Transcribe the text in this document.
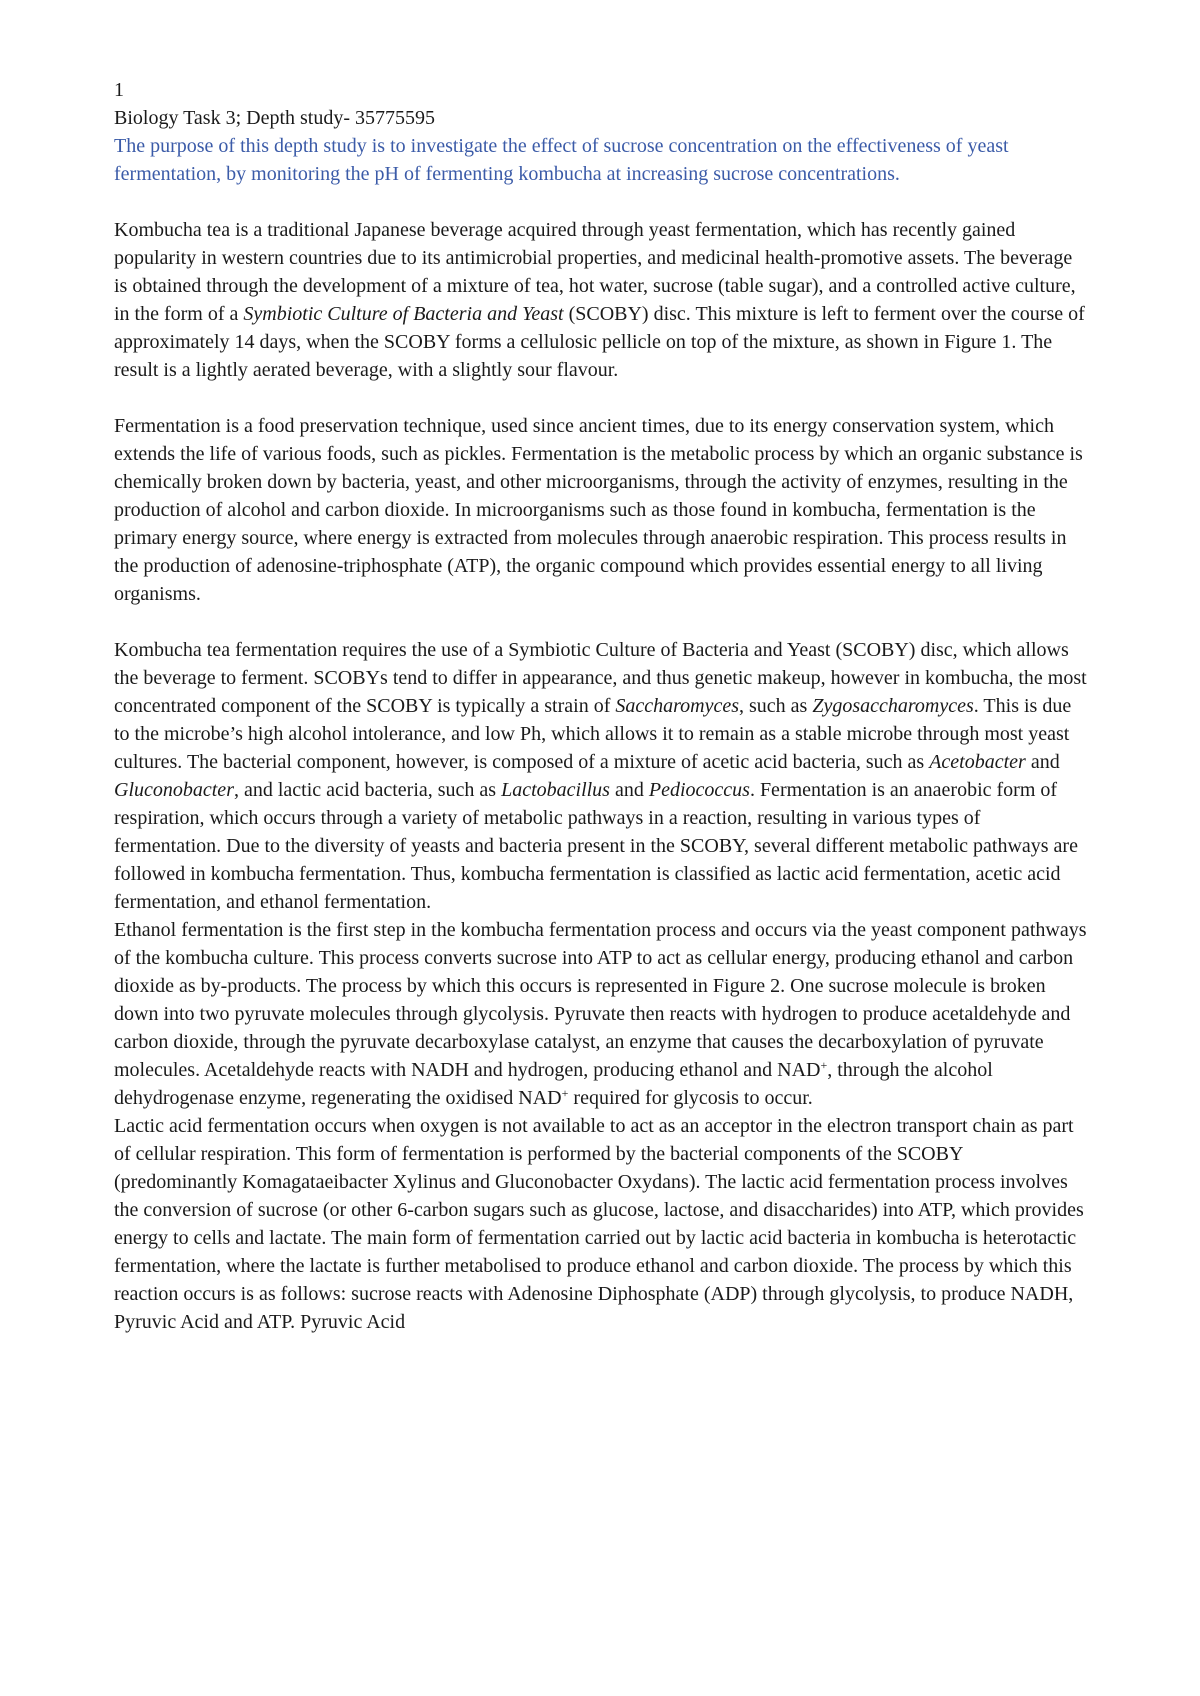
1

Biology Task 3; Depth study- 35775595

The purpose of this depth study is to investigate the effect of sucrose concentration on the effectiveness of yeast fermentation, by monitoring the pH of fermenting kombucha at increasing sucrose concentrations.

Kombucha tea is a traditional Japanese beverage acquired through yeast fermentation, which has recently gained popularity in western countries due to its antimicrobial properties, and medicinal health-promotive assets. The beverage is obtained through the development of a mixture of tea, hot water, sucrose (table sugar), and a controlled active culture, in the form of a Symbiotic Culture of Bacteria and Yeast (SCOBY) disc. This mixture is left to ferment over the course of approximately 14 days, when the SCOBY forms a cellulosic pellicle on top of the mixture, as shown in Figure 1. The result is a lightly aerated beverage, with a slightly sour flavour.

Fermentation is a food preservation technique, used since ancient times, due to its energy conservation system, which extends the life of various foods, such as pickles. Fermentation is the metabolic process by which an organic substance is chemically broken down by bacteria, yeast, and other microorganisms, through the activity of enzymes, resulting in the production of alcohol and carbon dioxide. In microorganisms such as those found in kombucha, fermentation is the primary energy source, where energy is extracted from molecules through anaerobic respiration. This process results in the production of adenosine-triphosphate (ATP), the organic compound which provides essential energy to all living organisms.

Kombucha tea fermentation requires the use of a Symbiotic Culture of Bacteria and Yeast (SCOBY) disc, which allows the beverage to ferment. SCOBYs tend to differ in appearance, and thus genetic makeup, however in kombucha, the most concentrated component of the SCOBY is typically a strain of Saccharomyces, such as Zygosaccharomyces. This is due to the microbe’s high alcohol intolerance, and low Ph, which allows it to remain as a stable microbe through most yeast cultures. The bacterial component, however, is composed of a mixture of acetic acid bacteria, such as Acetobacter and Gluconobacter, and lactic acid bacteria, such as Lactobacillus and Pediococcus. Fermentation is an anaerobic form of respiration, which occurs through a variety of metabolic pathways in a reaction, resulting in various types of fermentation. Due to the diversity of yeasts and bacteria present in the SCOBY, several different metabolic pathways are followed in kombucha fermentation. Thus, kombucha fermentation is classified as lactic acid fermentation, acetic acid fermentation, and ethanol fermentation.

Ethanol fermentation is the first step in the kombucha fermentation process and occurs via the yeast component pathways of the kombucha culture. This process converts sucrose into ATP to act as cellular energy, producing ethanol and carbon dioxide as by-products. The process by which this occurs is represented in Figure 2. One sucrose molecule is broken down into two pyruvate molecules through glycolysis. Pyruvate then reacts with hydrogen to produce acetaldehyde and carbon dioxide, through the pyruvate decarboxylase catalyst, an enzyme that causes the decarboxylation of pyruvate molecules. Acetaldehyde reacts with NADH and hydrogen, producing ethanol and NAD+, through the alcohol dehydrogenase enzyme, regenerating the oxidised NAD+ required for glycosis to occur.

Lactic acid fermentation occurs when oxygen is not available to act as an acceptor in the electron transport chain as part of cellular respiration. This form of fermentation is performed by the bacterial components of the SCOBY (predominantly Komagataeibacter Xylinus and Gluconobacter Oxydans). The lactic acid fermentation process involves the conversion of sucrose (or other 6-carbon sugars such as glucose, lactose, and disaccharides) into ATP, which provides energy to cells and lactate. The main form of fermentation carried out by lactic acid bacteria in kombucha is heterotactic fermentation, where the lactate is further metabolised to produce ethanol and carbon dioxide. The process by which this reaction occurs is as follows: sucrose reacts with Adenosine Diphosphate (ADP) through glycolysis, to produce NADH, Pyruvic Acid and ATP. Pyruvic Acid
